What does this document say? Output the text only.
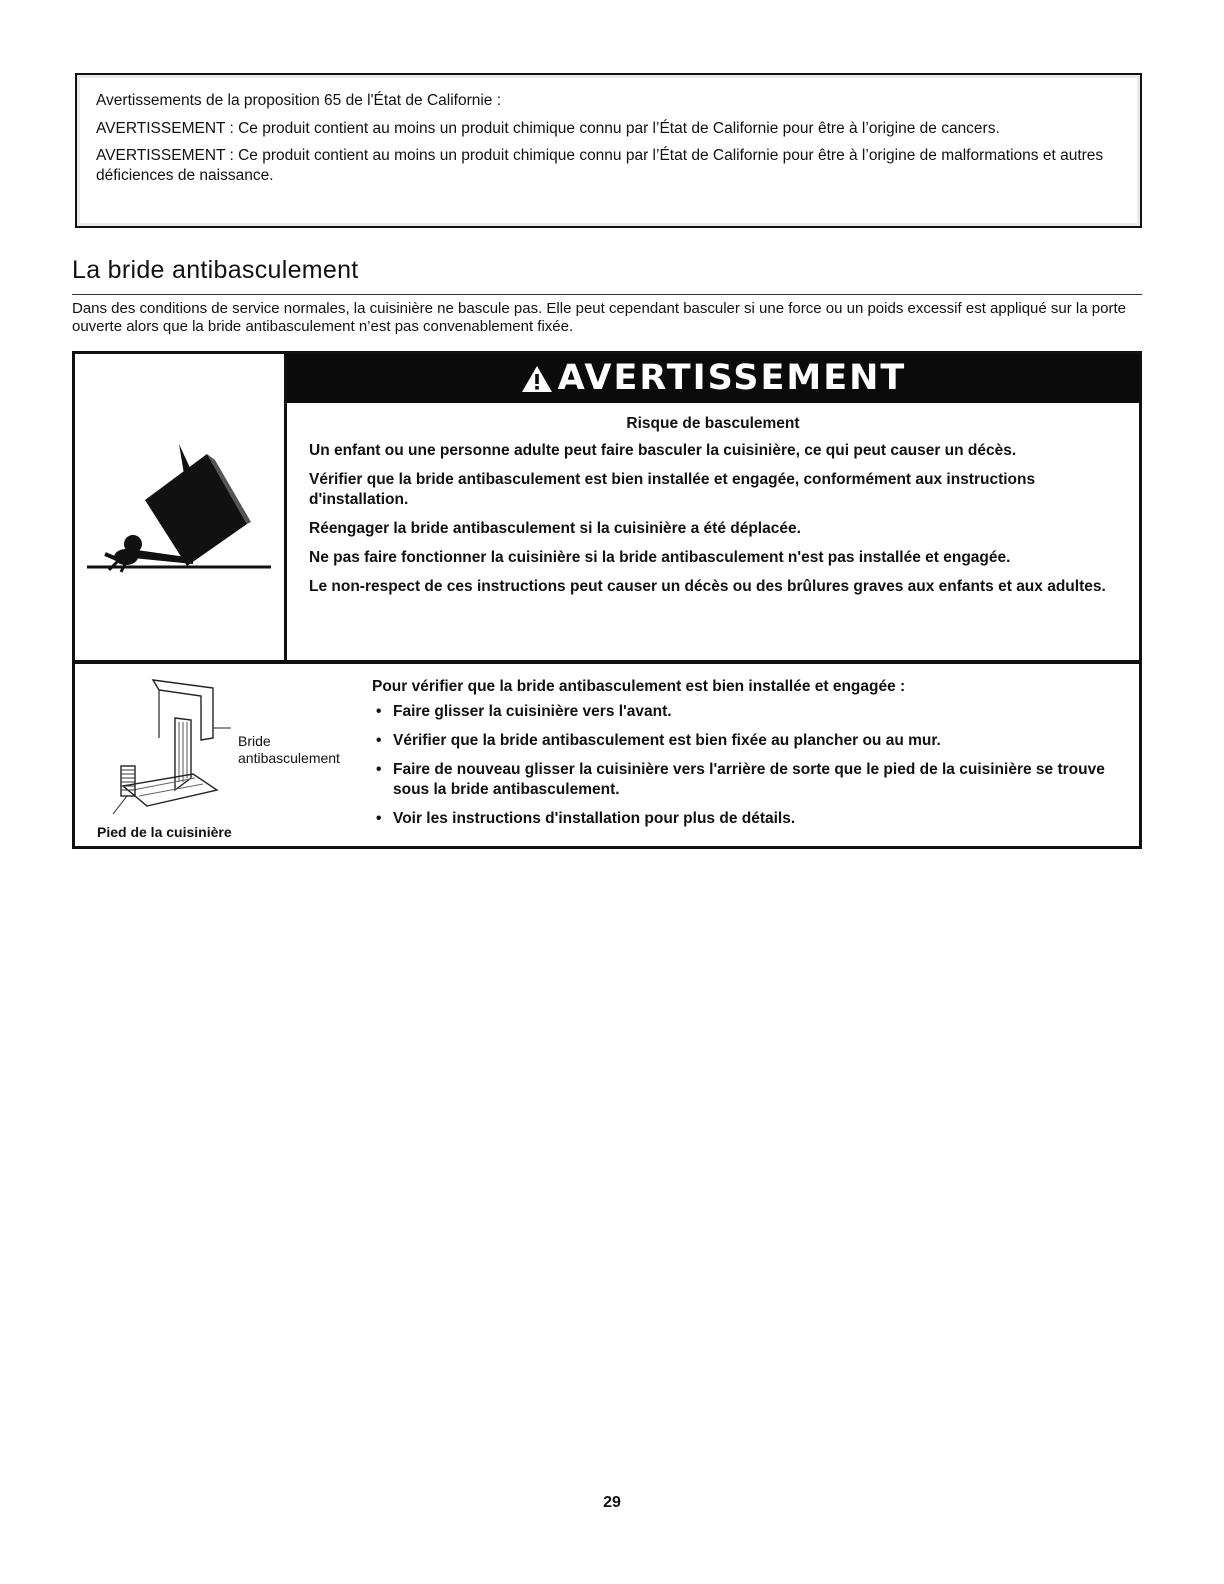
Avertissements de la proposition 65 de l'État de Californie :

AVERTISSEMENT : Ce produit contient au moins un produit chimique connu par l’État de Californie pour être à l’origine de cancers.

AVERTISSEMENT : Ce produit contient au moins un produit chimique connu par l’État de Californie pour être à l’origine de malformations et autres déficiences de naissance.

La bride antibasculement

Dans des conditions de service normales, la cuisinière ne bascule pas. Elle peut cependant basculer si une force ou un poids excessif est appliqué sur la porte ouverte alors que la bride antibasculement n’est pas convenablement fixée.

AVERTISSEMENT
Risque de basculement

Un enfant ou une personne adulte peut faire basculer la cuisinière, ce qui peut causer un décès.

Vérifier que la bride antibasculement est bien installée et engagée, conformément aux instructions d'installation.

Réengager la bride antibasculement si la cuisinière a été déplacée.

Ne pas faire fonctionner la cuisinière si la bride antibasculement n'est pas installée et engagée.

Le non-respect de ces instructions peut causer un décès ou des brûlures graves aux enfants et aux adultes.

Bride antibasculement
Pied de la cuisinière

Pour vérifier que la bride antibasculement est bien installée et engagée :

• Faire glisser la cuisinière vers l'avant.
• Vérifier que la bride antibasculement est bien fixée au plancher ou au mur.
• Faire de nouveau glisser la cuisinière vers l'arrière de sorte que le pied de la cuisinière se trouve sous la bride antibasculement.
• Voir les instructions d'installation pour plus de détails.
29
